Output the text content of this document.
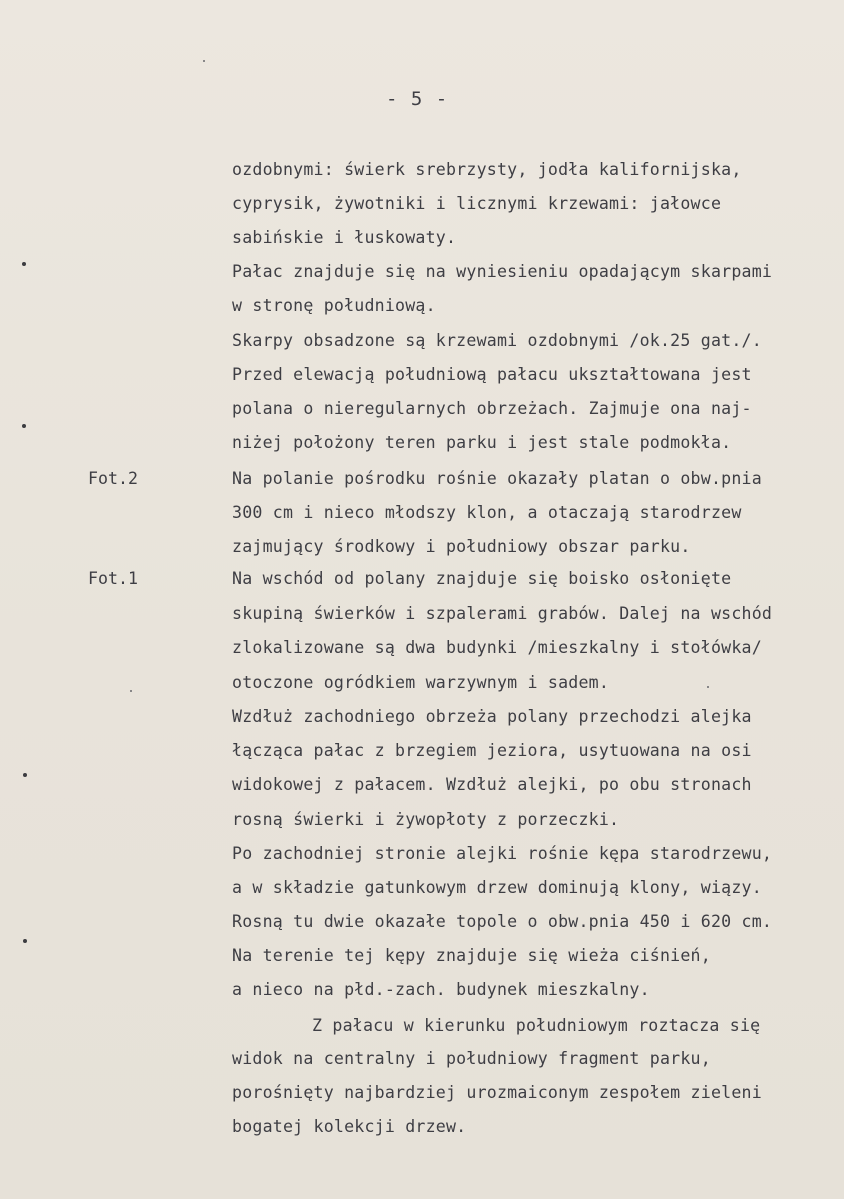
- 5 -
Fot.2
Fot.1
ozdobnymi: świerk srebrzysty, jodła kalifornijska,
cyprysik, żywotniki i licznymi krzewami: jałowce
sabińskie i łuskowaty.
Pałac znajduje się na wyniesieniu opadającym skarpami
w stronę południową.
Skarpy obsadzone są krzewami ozdobnymi /ok.25 gat./.
Przed elewacją południową pałacu ukształtowana jest
polana o nieregularnych obrzeżach. Zajmuje ona naj-
niżej położony teren parku i jest stale podmokła.
Na polanie pośrodku rośnie okazały platan o obw.pnia
300 cm i nieco młodszy klon, a otaczają starodrzew
zajmujący środkowy i południowy obszar parku.
Na wschód od polany znajduje się boisko osłonięte
skupiną świerków i szpalerami grabów. Dalej na wschód
zlokalizowane są dwa budynki /mieszkalny i stołówka/
otoczone ogródkiem warzywnym i sadem.
Wzdłuż zachodniego obrzeża polany przechodzi alejka
łącząca pałac z brzegiem jeziora, usytuowana na osi
widokowej z pałacem. Wzdłuż alejki, po obu stronach
rosną świerki i żywopłoty z porzeczki.
Po zachodniej stronie alejki rośnie kępa starodrzewu,
a w składzie gatunkowym drzew dominują klony, wiązy.
Rosną tu dwie okazałe topole o obw.pnia 450 i 620 cm.
Na terenie tej kępy znajduje się wieża ciśnień,
a nieco na płd.-zach. budynek mieszkalny.
Z pałacu w kierunku południowym roztacza się
widok na centralny i południowy fragment parku,
porośnięty najbardziej urozmaiconym zespołem zieleni
bogatej kolekcji drzew.
